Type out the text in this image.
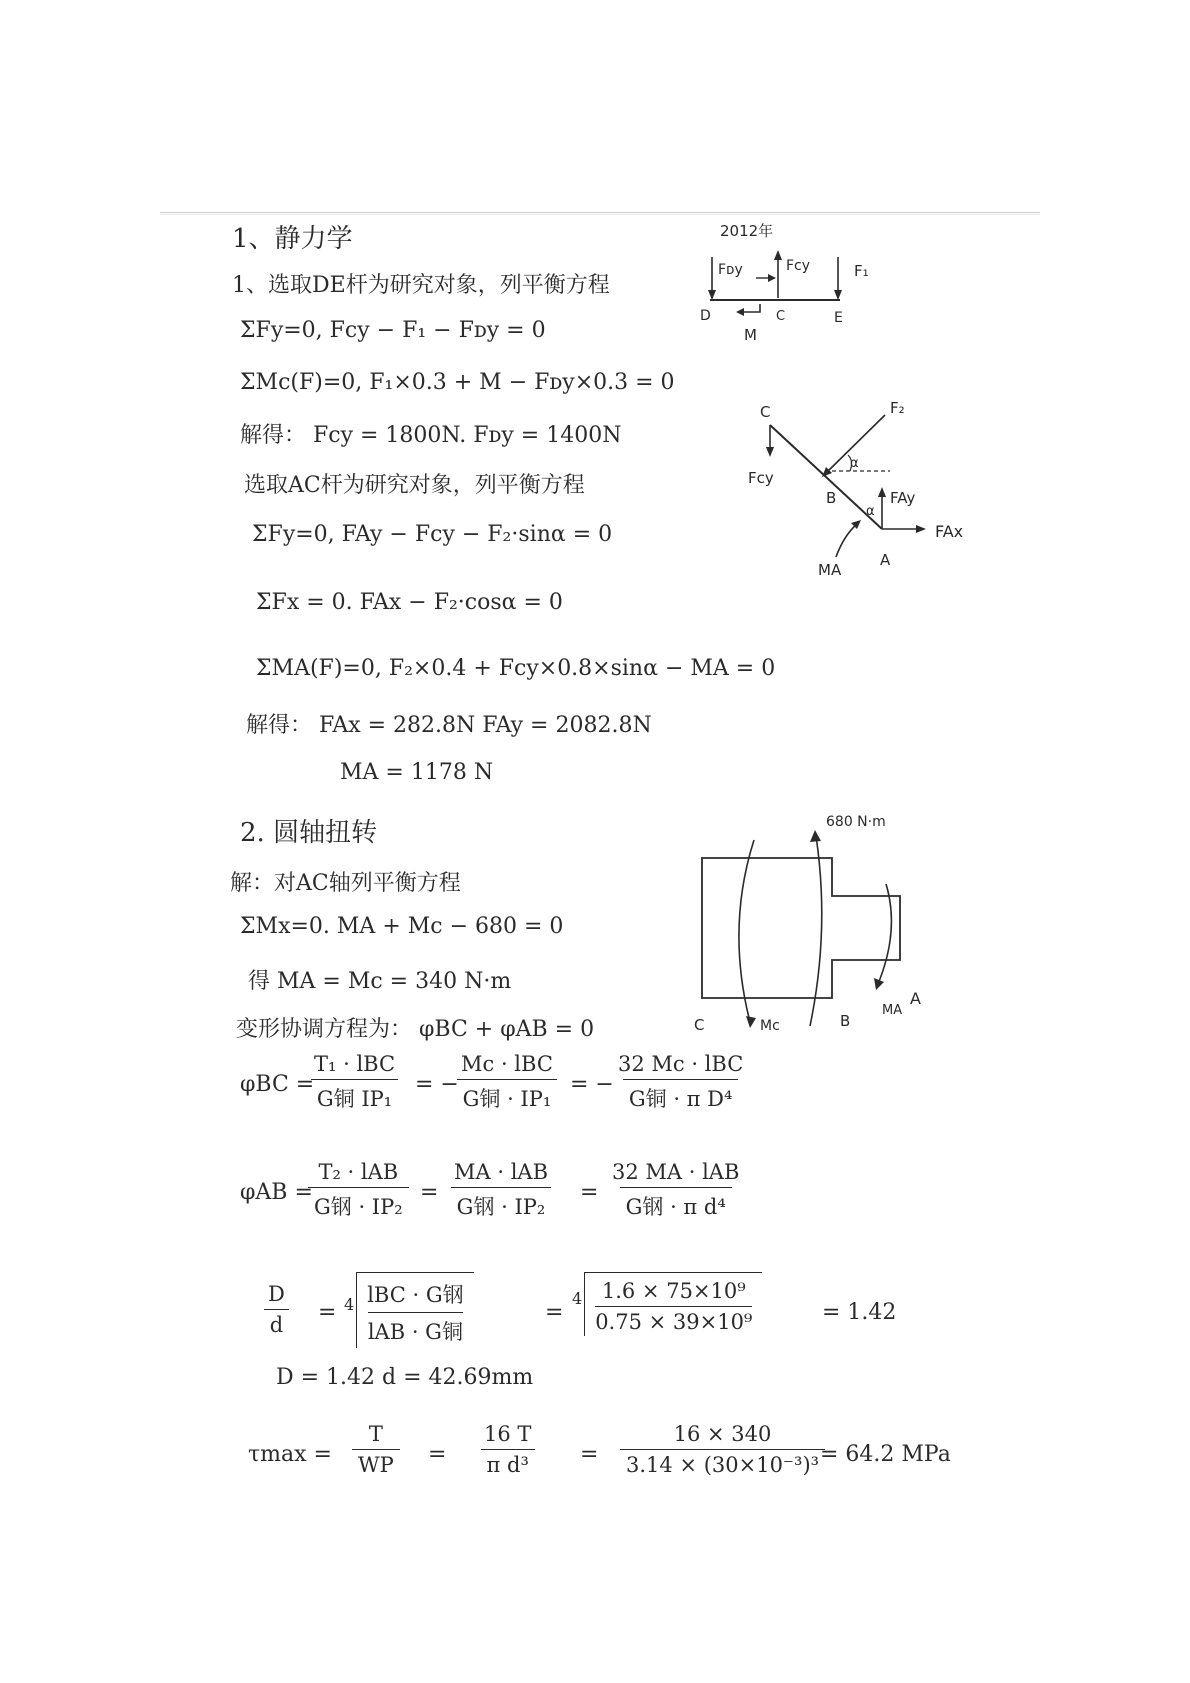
1、静力学
1、选取DE杆为研究对象，列平衡方程
ΣFy=0, Fcy − F₁ − Fᴅy = 0
ΣMc(F)=0, F₁×0.3 + M − Fᴅy×0.3 = 0
解得： Fcy = 1800N. Fᴅy = 1400N
选取AC杆为研究对象，列平衡方程
ΣFy=0, FAy − Fcy − F₂·sinα = 0
ΣFx = 0. FAx − F₂·cosα = 0
ΣMA(F)=0, F₂×0.4 + Fcy×0.8×sinα − MA = 0
解得： FAx = 282.8N FAy = 2082.8N
MA = 1178 N
2012年
Fᴅy	Fcy	F₁
D	C	E
M
C	F₂
α
Fcy
B
α
FAy
FAx
MA
A
2. 圆轴扭转
解：对AC轴列平衡方程
ΣMx=0. MA + Mc − 680 = 0
得 MA = Mc = 340 N·m
变形协调方程为： φBC + φAB = 0
φBC =
T₁ · lBC
G铜 IP₁
= −
Mc · lBC
G铜 · IP₁
= −
32 Mc · lBC
G铜 · π D⁴
φAB =
T₂ · lAB
G钢 · IP₂
=
MA · lAB
G钢 · IP₂
=
32 MA · lAB
G钢 · π d⁴
$\frac{D}{d} = 4$ lBC · G钢
lAB · G铜
=
$4 \frac{\text{1.6 × 75×10⁹}}{\text{0.75 × 39×10⁹}}$	= 1.42
D = 1.42 d = 42.69mm
$\tau\max = \frac{T}{WP} = \frac{16 T}{\text{π d³}} = \frac{16 \times 340}{\text{3.14 × (30×10⁻³)³}}$
= 64.2 MPa
680 N·m
A
MA
C	Mc	B
